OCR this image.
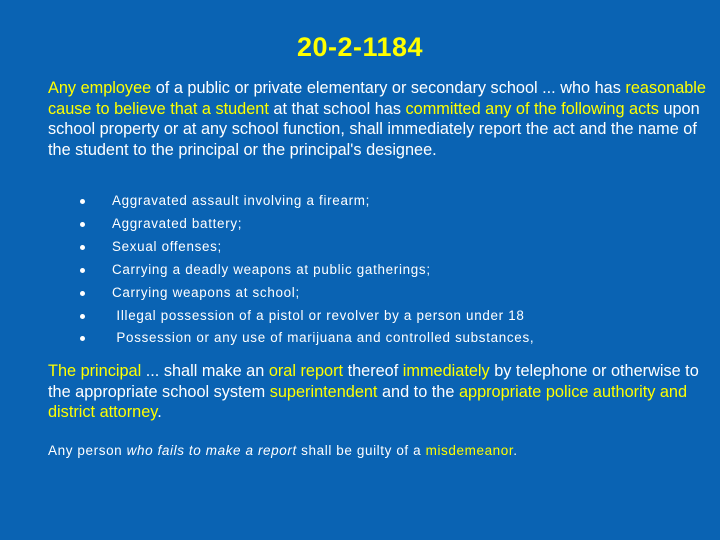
20-2-1184
Any employee of a public or private elementary or secondary school ... who has reasonable cause to believe that a student at that school has committed any of the following acts upon school property or at any school function, shall immediately report the act and the name of the student to the principal or the principal's designee.
Aggravated assault involving a firearm;
Aggravated battery;
Sexual offenses;
Carrying a deadly weapons at public gatherings;
Carrying weapons at school;
Illegal possession of a pistol or revolver by a person under 18
Possession or any use of marijuana and controlled substances,
The principal ... shall make an oral report thereof immediately by telephone or otherwise to the appropriate school system superintendent and to the appropriate police authority and district attorney.
Any person who fails to make a report shall be guilty of a misdemeanor.
